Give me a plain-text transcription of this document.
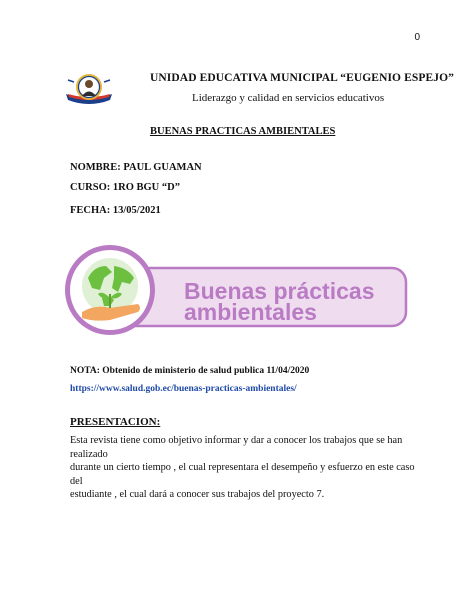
0
UNIDAD EDUCATIVA MUNICIPAL “EUGENIO ESPEJO”
Liderazgo y calidad en servicios educativos
BUENAS PRACTICAS AMBIENTALES
NOMBRE: PAUL GUAMAN
CURSO: 1RO BGU “D”
FECHA: 13/05/2021
Buenas prácticas
ambientales
NOTA: Obtenido de ministerio de salud publica 11/04/2020
https://www.salud.gob.ec/buenas-practicas-ambientales/
PRESENTACION:
Esta revista tiene como objetivo informar y dar a conocer los trabajos que se han realizado
durante un cierto tiempo , el cual representara el desempeño y esfuerzo en este caso del
estudiante , el cual dará a conocer sus trabajos del proyecto 7.
